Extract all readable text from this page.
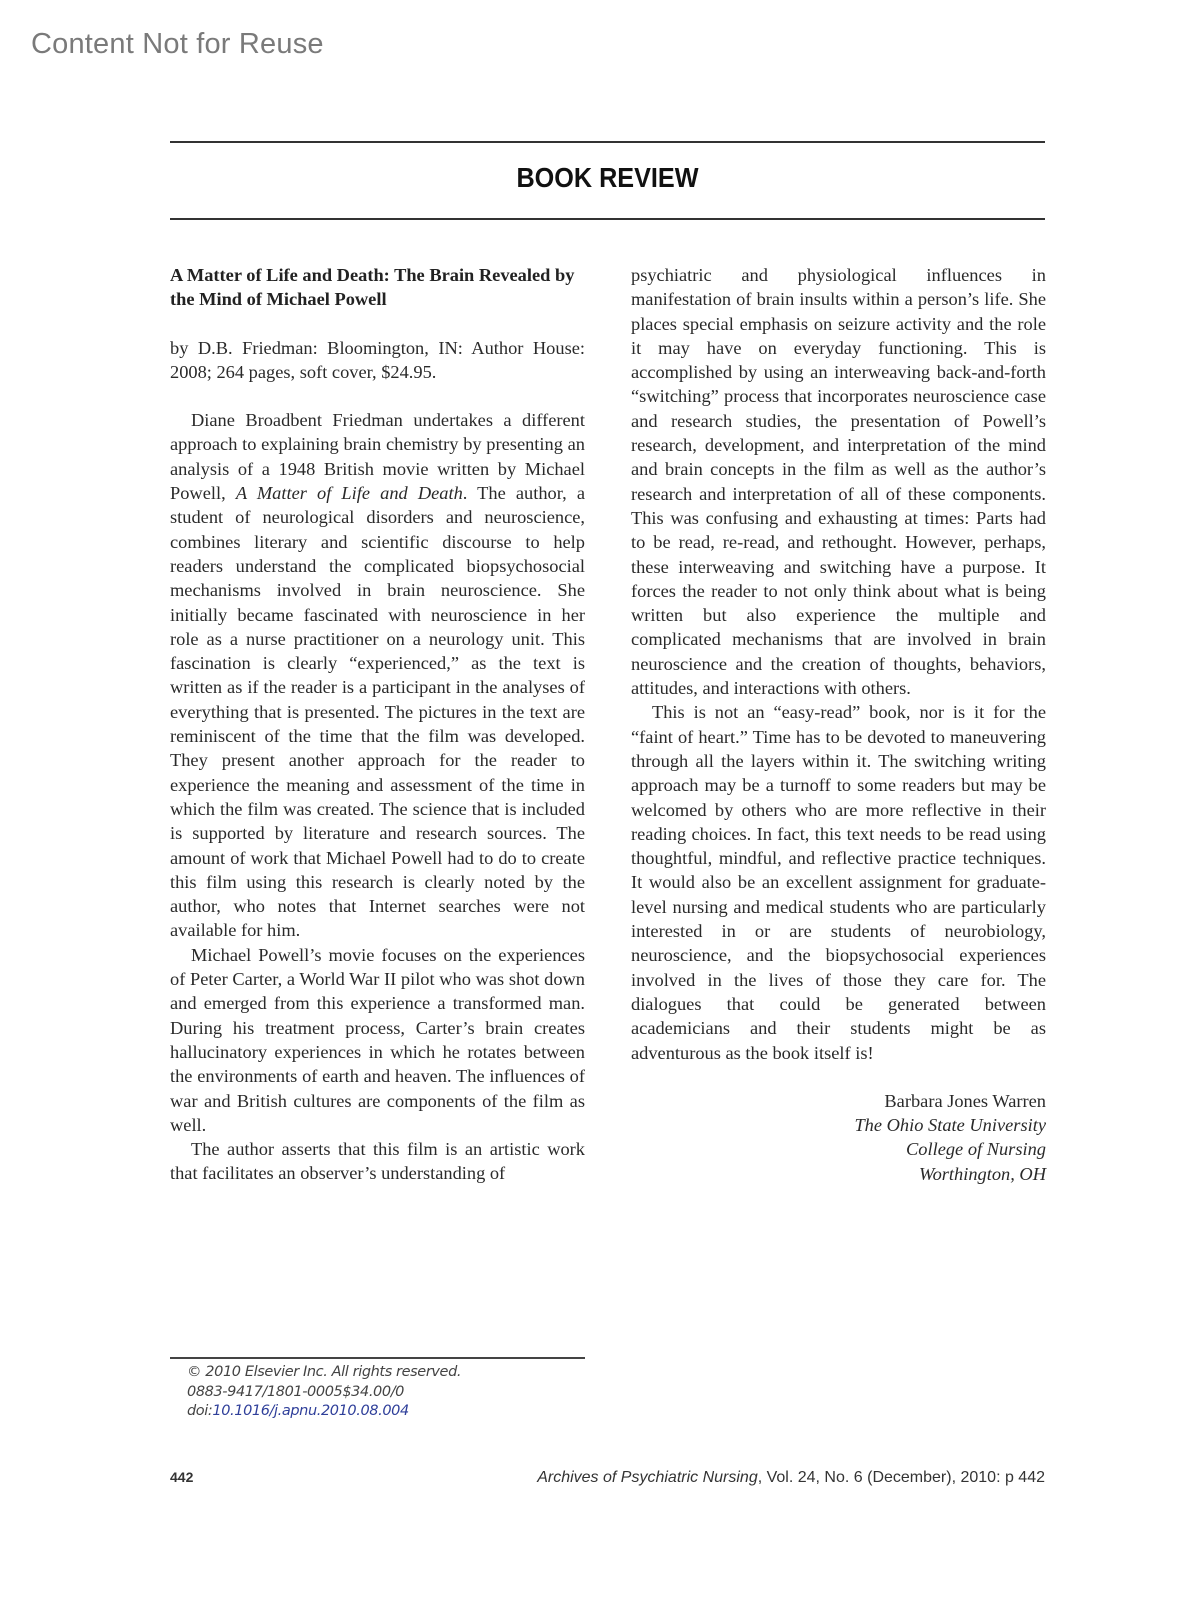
Content Not for Reuse
BOOK REVIEW

A Matter of Life and Death: The Brain Revealed by the Mind of Michael Powell

by D.B. Friedman: Bloomington, IN: Author House: 2008; 264 pages, soft cover, $24.95.

Diane Broadbent Friedman undertakes a different approach to explaining brain chemistry by presenting an analysis of a 1948 British movie written by Michael Powell, A Matter of Life and Death. The author, a student of neurological disorders and neuroscience, combines literary and scientific discourse to help readers understand the complicated biopsychosocial mechanisms involved in brain neuroscience. She initially became fascinated with neuroscience in her role as a nurse practitioner on a neurology unit. This fascination is clearly “experienced,” as the text is written as if the reader is a participant in the analyses of everything that is presented. The pictures in the text are reminiscent of the time that the film was developed. They present another approach for the reader to experience the meaning and assessment of the time in which the film was created. The science that is included is supported by literature and research sources. The amount of work that Michael Powell had to do to create this film using this research is clearly noted by the author, who notes that Internet searches were not available for him.

Michael Powell’s movie focuses on the experiences of Peter Carter, a World War II pilot who was shot down and emerged from this experience a transformed man. During his treatment process, Carter’s brain creates hallucinatory experiences in which he rotates between the environments of earth and heaven. The influences of war and British cultures are components of the film as well.

The author asserts that this film is an artistic work that facilitates an observer’s understanding of

psychiatric and physiological influences in manifestation of brain insults within a person’s life. She places special emphasis on seizure activity and the role it may have on everyday functioning. This is accomplished by using an interweaving back-and-forth “switching” process that incorporates neuroscience case and research studies, the presentation of Powell’s research, development, and interpretation of the mind and brain concepts in the film as well as the author’s research and interpretation of all of these components. This was confusing and exhausting at times: Parts had to be read, re-read, and rethought. However, perhaps, these interweaving and switching have a purpose. It forces the reader to not only think about what is being written but also experience the multiple and complicated mechanisms that are involved in brain neuroscience and the creation of thoughts, behaviors, attitudes, and interactions with others.

This is not an “easy-read” book, nor is it for the “faint of heart.” Time has to be devoted to maneuvering through all the layers within it. The switching writing approach may be a turnoff to some readers but may be welcomed by others who are more reflective in their reading choices. In fact, this text needs to be read using thoughtful, mindful, and reflective practice techniques. It would also be an excellent assignment for graduate-level nursing and medical students who are particularly interested in or are students of neurobiology, neuroscience, and the biopsychosocial experiences involved in the lives of those they care for. The dialogues that could be generated between academicians and their students might be as adventurous as the book itself is!

Barbara Jones Warren
The Ohio State University
College of Nursing
Worthington, OH
© 2010 Elsevier Inc. All rights reserved.
0883-9417/1801-0005$34.00/0
doi:10.1016/j.apnu.2010.08.004
442	Archives of Psychiatric Nursing, Vol. 24, No. 6 (December), 2010: p 442
